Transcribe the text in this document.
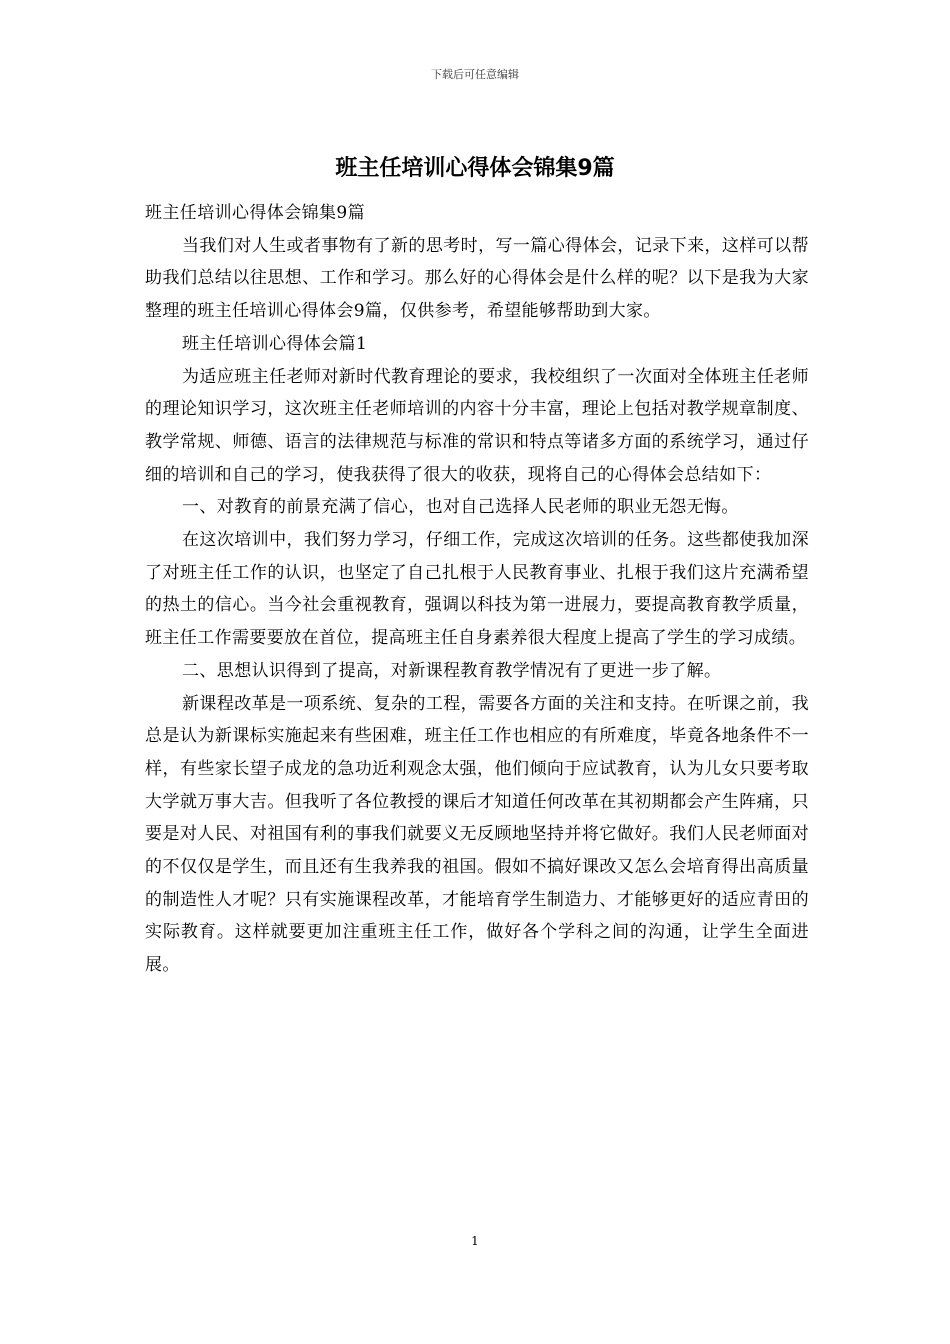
下载后可任意编辑
班主任培训心得体会锦集9篇

班主任培训心得体会锦集9篇

当我们对人生或者事物有了新的思考时，写一篇心得体会，记录下来，这样可以帮助我们总结以往思想、工作和学习。那么好的心得体会是什么样的呢？以下是我为大家整理的班主任培训心得体会9篇，仅供参考，希望能够帮助到大家。

班主任培训心得体会篇1

为适应班主任老师对新时代教育理论的要求，我校组织了一次面对全体班主任老师的理论知识学习，这次班主任老师培训的内容十分丰富，理论上包括对教学规章制度、教学常规、师德、语言的法律规范与标准的常识和特点等诸多方面的系统学习，通过仔细的培训和自己的学习，使我获得了很大的收获，现将自己的心得体会总结如下：

一、对教育的前景充满了信心，也对自己选择人民老师的职业无怨无悔。

在这次培训中，我们努力学习，仔细工作，完成这次培训的任务。这些都使我加深了对班主任工作的认识，也坚定了自己扎根于人民教育事业、扎根于我们这片充满希望的热土的信心。当今社会重视教育，强调以科技为第一进展力，要提高教育教学质量，班主任工作需要要放在首位，提高班主任自身素养很大程度上提高了学生的学习成绩。

二、思想认识得到了提高，对新课程教育教学情况有了更进一步了解。

新课程改革是一项系统、复杂的工程，需要各方面的关注和支持。在听课之前，我总是认为新课标实施起来有些困难，班主任工作也相应的有所难度，毕竟各地条件不一样，有些家长望子成龙的急功近利观念太强，他们倾向于应试教育，认为儿女只要考取大学就万事大吉。但我听了各位教授的课后才知道任何改革在其初期都会产生阵痛，只要是对人民、对祖国有利的事我们就要义无反顾地坚持并将它做好。我们人民老师面对的不仅仅是学生，而且还有生我养我的祖国。假如不搞好课改又怎么会培育得出高质量的制造性人才呢？只有实施课程改革，才能培育学生制造力、才能够更好的适应青田的实际教育。这样就要更加注重班主任工作，做好各个学科之间的沟通，让学生全面进展。

1
